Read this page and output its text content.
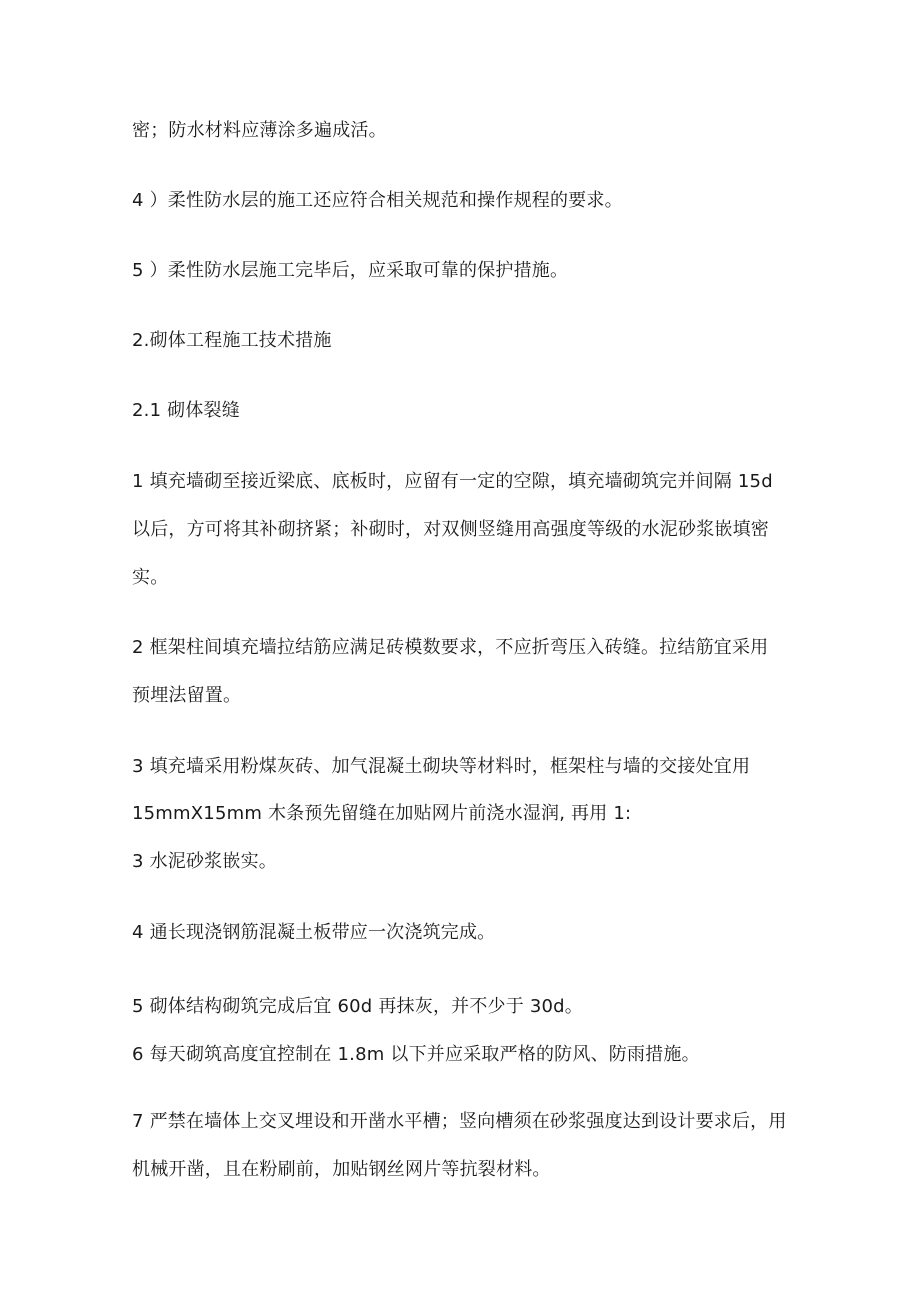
密；防水材料应薄涂多遍成活。
4 ）柔性防水层的施工还应符合相关规范和操作规程的要求。
5 ）柔性防水层施工完毕后，应采取可靠的保护措施。
2.砌体工程施工技术措施
2.1 砌体裂缝
1 填充墙砌至接近梁底、底板时，应留有一定的空隙，填充墙砌筑完并间隔 15d
以后，方可将其补砌挤紧；补砌时，对双侧竖缝用高强度等级的水泥砂浆嵌填密
实。
2 框架柱间填充墙拉结筋应满足砖模数要求，不应折弯压入砖缝。拉结筋宜采用
预埋法留置。
3 填充墙采用粉煤灰砖、加气混凝土砌块等材料时，框架柱与墙的交接处宜用
15mmX15mm 木条预先留缝在加贴网片前浇水湿润, 再用 1:
3 水泥砂浆嵌实。
4 通长现浇钢筋混凝土板带应一次浇筑完成。
5 砌体结构砌筑完成后宜 60d 再抹灰，并不少于 30d。
6 每天砌筑高度宜控制在 1.8m 以下并应采取严格的防风、防雨措施。
7 严禁在墙体上交叉埋设和开凿水平槽；竖向槽须在砂浆强度达到设计要求后，用
机械开凿，且在粉刷前，加贴钢丝网片等抗裂材料。
